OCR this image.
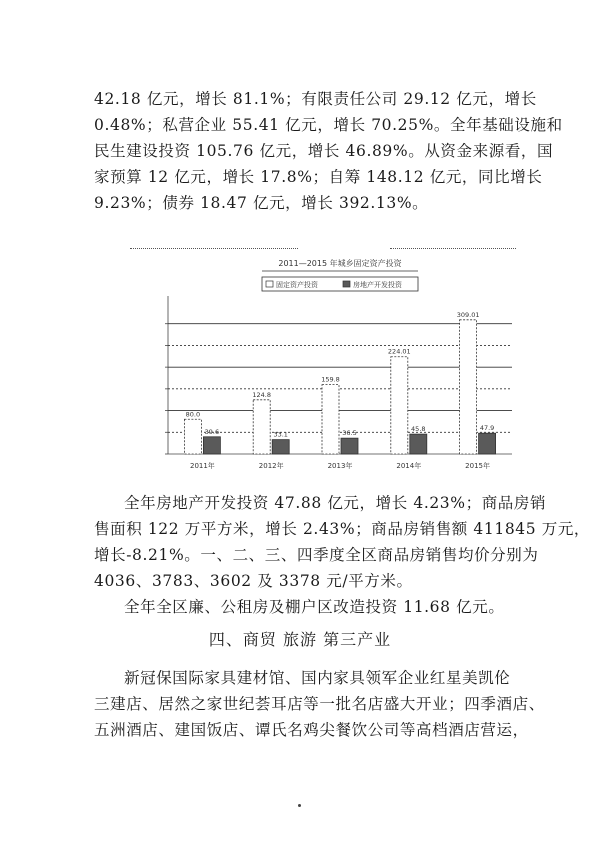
42.18 亿元，增长 81.1%；有限责任公司 29.12 亿元，增长
0.48%；私营企业 55.41 亿元，增长 70.25%。全年基础设施和
民生建设投资 105.76 亿元，增长 46.89%。从资金来源看，国
家预算 12 亿元，增长 17.8%；自筹 148.12 亿元，同比增长
9.23%；债券 18.47 亿元，增长 392.13%。
2011—2015 年城乡固定资产投资
固定资产投资	房地产开发投资
80.0
39.6
2011年
124.8
33.1
2012年
159.8
36.5
2013年
224.01
45.8
2014年
309.01
47.9
2015年
全年房地产开发投资 47.88 亿元，增长 4.23%；商品房销
售面积 122 万平方米，增长 2.43%；商品房销售额 411845 万元，
增长-8.21%。一、二、三、四季度全区商品房销售均价分别为
4036、3783、3602 及 3378 元/平方米。
全年全区廉、公租房及棚户区改造投资 11.68 亿元。
四、商贸 旅游 第三产业
新冠保国际家具建材馆、国内家具领军企业红星美凯伦
三建店、居然之家世纪荟耳店等一批名店盛大开业；四季酒店、
五洲酒店、建国饭店、谭氏名鸡尖餐饮公司等高档酒店营运，
